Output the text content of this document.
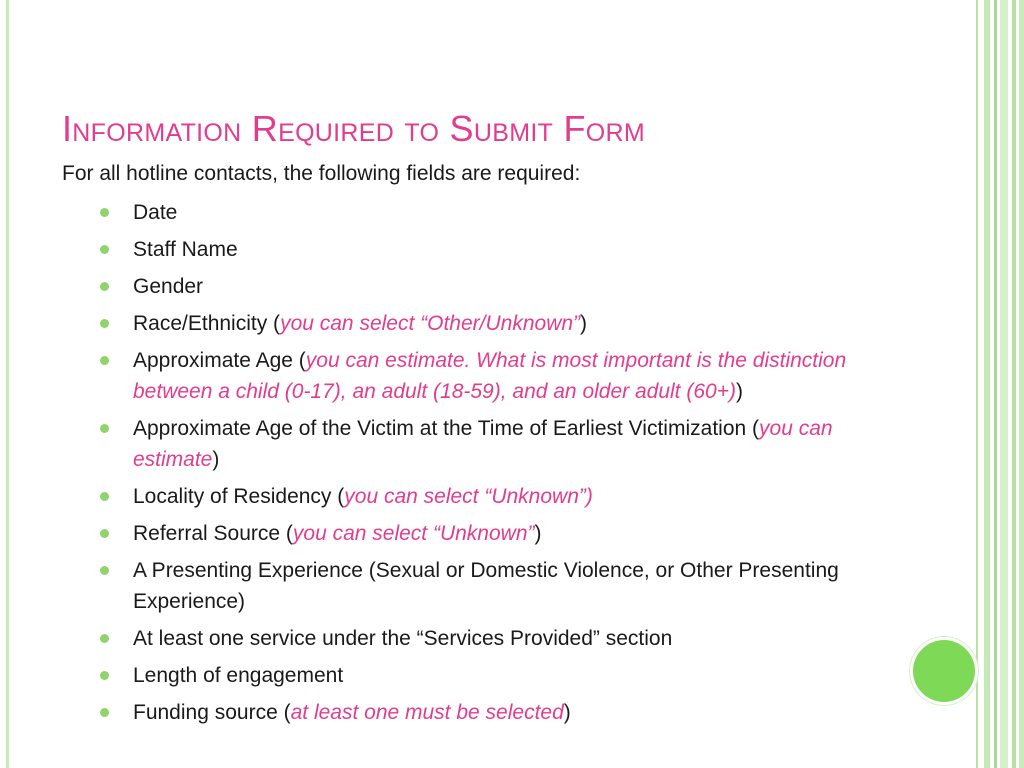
Information Required to Submit Form
For all hotline contacts, the following fields are required:
Date
Staff Name
Gender
Race/Ethnicity (you can select “Other/Unknown”)
Approximate Age (you can estimate. What is most important is the distinction between a child (0-17), an adult (18-59), and an older adult (60+))
Approximate Age of the Victim at the Time of Earliest Victimization (you can estimate)
Locality of Residency (you can select “Unknown”)
Referral Source (you can select “Unknown”)
A Presenting Experience (Sexual or Domestic Violence, or Other Presenting Experience)
At least one service under the “Services Provided” section
Length of engagement
Funding source (at least one must be selected)
